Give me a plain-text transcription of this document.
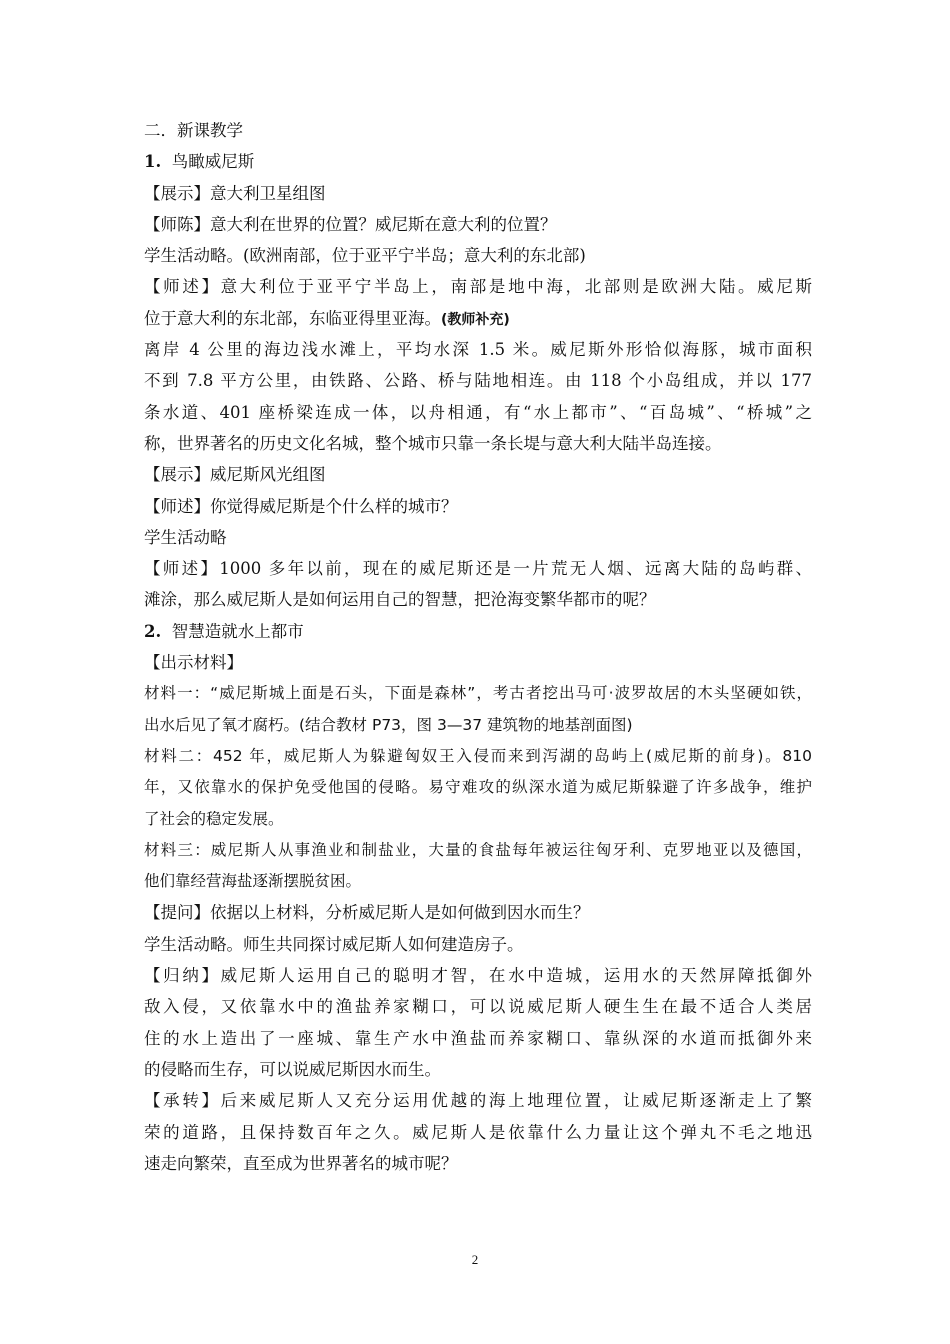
二．新课教学
1. 鸟瞰威尼斯
【展示】意大利卫星组图
【师陈】意大利在世界的位置？威尼斯在意大利的位置？
学生活动略。(欧洲南部，位于亚平宁半岛；意大利的东北部)
【师述】意大利位于亚平宁半岛上，南部是地中海，北部则是欧洲大陆。威尼斯
位于意大利的东北部，东临亚得里亚海。(教师补充)
离岸 4 公里的海边浅水滩上，平均水深 1.5 米。威尼斯外形恰似海豚，城市面积
不到 7.8 平方公里，由铁路、公路、桥与陆地相连。由 118 个小岛组成，并以 177
条水道、401 座桥梁连成一体，以舟相通，有“水上都市”、“百岛城”、“桥城”之
称，世界著名的历史文化名城，整个城市只靠一条长堤与意大利大陆半岛连接。
【展示】威尼斯风光组图
【师述】你觉得威尼斯是个什么样的城市？
学生活动略
【师述】1000 多年以前，现在的威尼斯还是一片荒无人烟、远离大陆的岛屿群、
滩涂，那么威尼斯人是如何运用自己的智慧，把沧海变繁华都市的呢？
2. 智慧造就水上都市
【出示材料】
材料一：“威尼斯城上面是石头，下面是森林”，考古者挖出马可·波罗故居的木头坚硬如铁，
出水后见了氧才腐朽。(结合教材 P73，图 3—37 建筑物的地基剖面图)
材料二：452 年，威尼斯人为躲避匈奴王入侵而来到泻湖的岛屿上(威尼斯的前身)。810
年，又依靠水的保护免受他国的侵略。易守难攻的纵深水道为威尼斯躲避了许多战争，维护
了社会的稳定发展。
材料三：威尼斯人从事渔业和制盐业，大量的食盐每年被运往匈牙利、克罗地亚以及德国，
他们靠经营海盐逐渐摆脱贫困。
【提问】依据以上材料，分析威尼斯人是如何做到因水而生？
学生活动略。师生共同探讨威尼斯人如何建造房子。
【归纳】威尼斯人运用自己的聪明才智，在水中造城，运用水的天然屏障抵御外
敌入侵，又依靠水中的渔盐养家糊口，可以说威尼斯人硬生生在最不适合人类居
住的水上造出了一座城、靠生产水中渔盐而养家糊口、靠纵深的水道而抵御外来
的侵略而生存，可以说威尼斯因水而生。
【承转】后来威尼斯人又充分运用优越的海上地理位置，让威尼斯逐渐走上了繁
荣的道路，且保持数百年之久。威尼斯人是依靠什么力量让这个弹丸不毛之地迅
速走向繁荣，直至成为世界著名的城市呢？
2
